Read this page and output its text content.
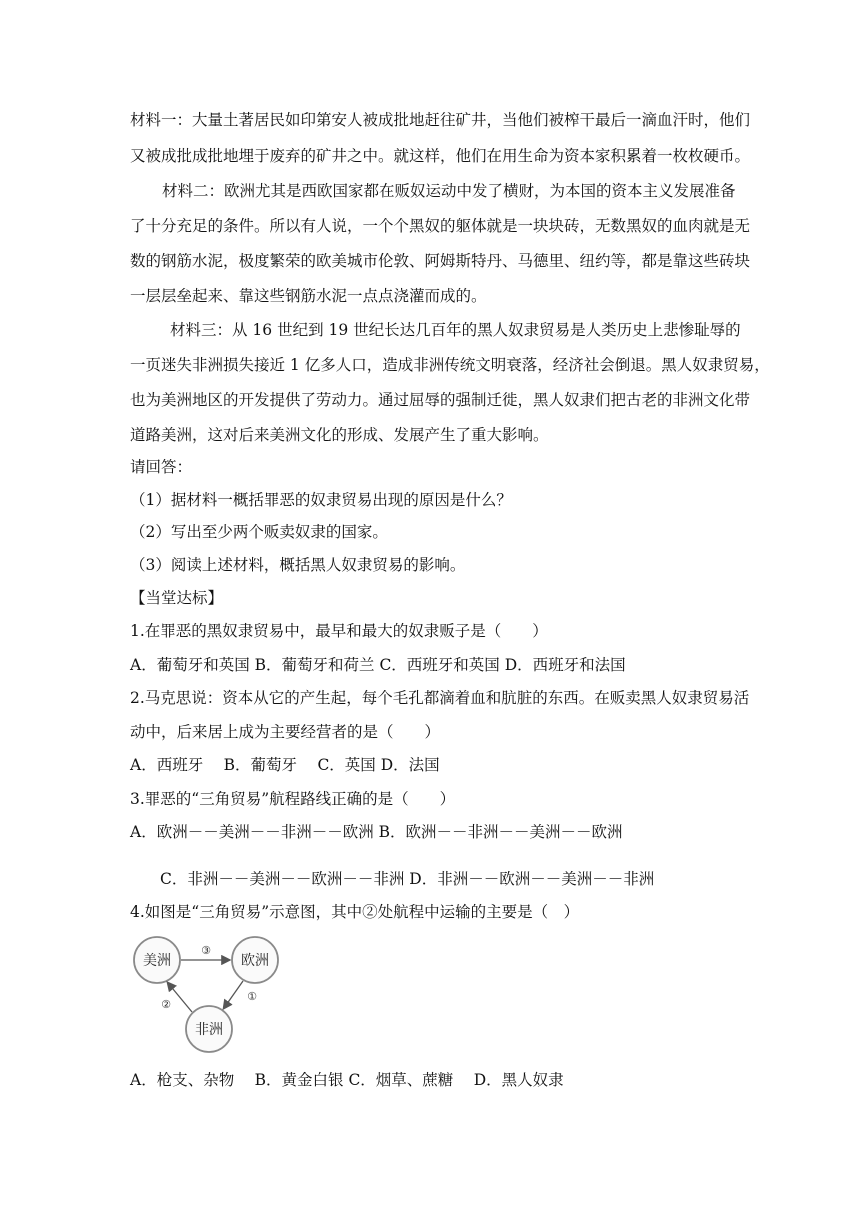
材料一：大量土著居民如印第安人被成批地赶往矿井，当他们被榨干最后一滴血汗时，他们
又被成批成批地埋于废弃的矿井之中。就这样，他们在用生命为资本家积累着一枚枚硬币。
材料二：欧洲尤其是西欧国家都在贩奴运动中发了横财，为本国的资本主义发展准备
了十分充足的条件。所以有人说，一个个黑奴的躯体就是一块块砖，无数黑奴的血肉就是无
数的钢筋水泥，极度繁荣的欧美城市伦敦、阿姆斯特丹、马德里、纽约等，都是靠这些砖块
一层层垒起来、靠这些钢筋水泥一点点浇灌而成的。
材料三：从 16 世纪到 19 世纪长达几百年的黑人奴隶贸易是人类历史上悲惨耻辱的
一页迷失非洲损失接近 1 亿多人口，造成非洲传统文明衰落，经济社会倒退。黑人奴隶贸易，
也为美洲地区的开发提供了劳动力。通过屈辱的强制迁徙，黑人奴隶们把古老的非洲文化带
道路美洲，这对后来美洲文化的形成、发展产生了重大影响。
请回答：
（1）据材料一概括罪恶的奴隶贸易出现的原因是什么？
（2）写出至少两个贩卖奴隶的国家。
（3）阅读上述材料，概括黑人奴隶贸易的影响。
【当堂达标】
1.在罪恶的黑奴隶贸易中，最早和最大的奴隶贩子是（　　）
A．葡萄牙和英国 B．葡萄牙和荷兰 C．西班牙和英国 D．西班牙和法国
2.马克思说：资本从它的产生起，每个毛孔都滴着血和肮脏的东西。在贩卖黑人奴隶贸易活
动中，后来居上成为主要经营者的是（　　）
A．西班牙　 B．葡萄牙　 C．英国 D．法国
3.罪恶的“三角贸易”航程路线正确的是（　　）
A．欧洲－－美洲－－非洲－－欧洲 B．欧洲－－非洲－－美洲－－欧洲
C．非洲－－美洲－－欧洲－－非洲 D．非洲－－欧洲－－美洲－－非洲
4.如图是“三角贸易”示意图，其中②处航程中运输的主要是（　）
美洲	欧洲
非洲
③
①
②
A．枪支、杂物　 B．黄金白银 C．烟草、蔗糖　 D．黑人奴隶
